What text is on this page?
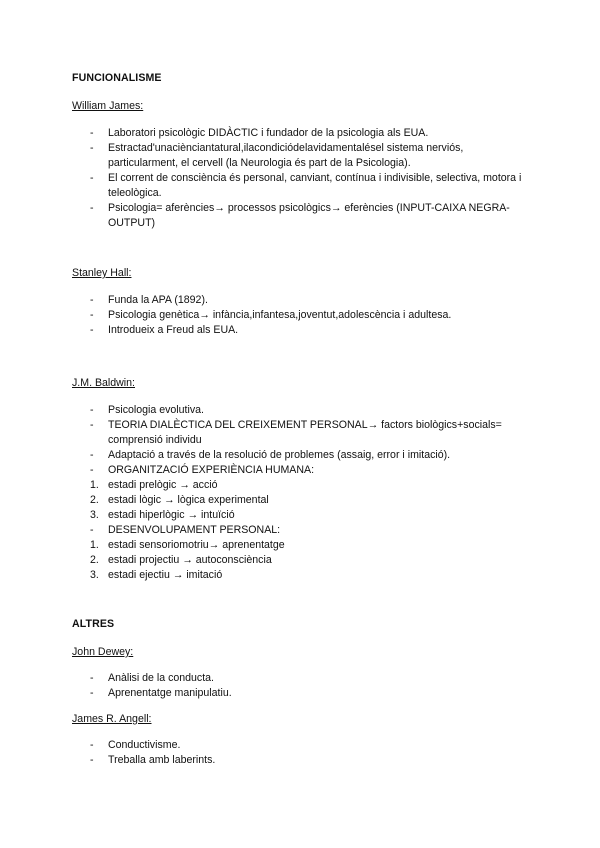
FUNCIONALISME
William James:
-	Laboratori psicològic DIDÀCTIC i fundador de la psicologia als EUA.
-	Estractad'unaciènciantatural,ilacondiciódelavidamentalésel sistema nerviós, particularment, el cervell (la Neurologia és part de la Psicologia).
-	El corrent de consciència és personal, canviant, contínua i indivisible, selectiva, motora i teleològica.
-	Psicologia= aferències→ processos psicològics→ eferències (INPUT-CAIXA NEGRA-OUTPUT)
Stanley Hall:
-	Funda la APA (1892).
-	Psicologia genètica→ infància,infantesa,joventut,adolescència i adultesa.
-	Introdueix a Freud als EUA.
J.M. Baldwin:
-	Psicologia evolutiva.
-	TEORIA DIALÈCTICA DEL CREIXEMENT PERSONAL→ factors biològics+socials= comprensió individu
-	Adaptació a través de la resolució de problemes (assaig, error i imitació).
-	ORGANITZACIÓ EXPERIÈNCIA HUMANA:
1. estadi prelògic → acció
2. estadi lògic → lògica experimental
3. estadi hiperlògic → intuïció
-	DESENVOLUPAMENT PERSONAL:
1. estadi sensoriomotriu→ aprenentatge
2. estadi projectiu → autoconsciència
3. estadi ejectiu → imitació
ALTRES
John Dewey:
-	Anàlisi de la conducta.
-	Aprenentatge manipulatiu.
James R. Angell:
-	Conductivisme.
-	Treballa amb laberints.
